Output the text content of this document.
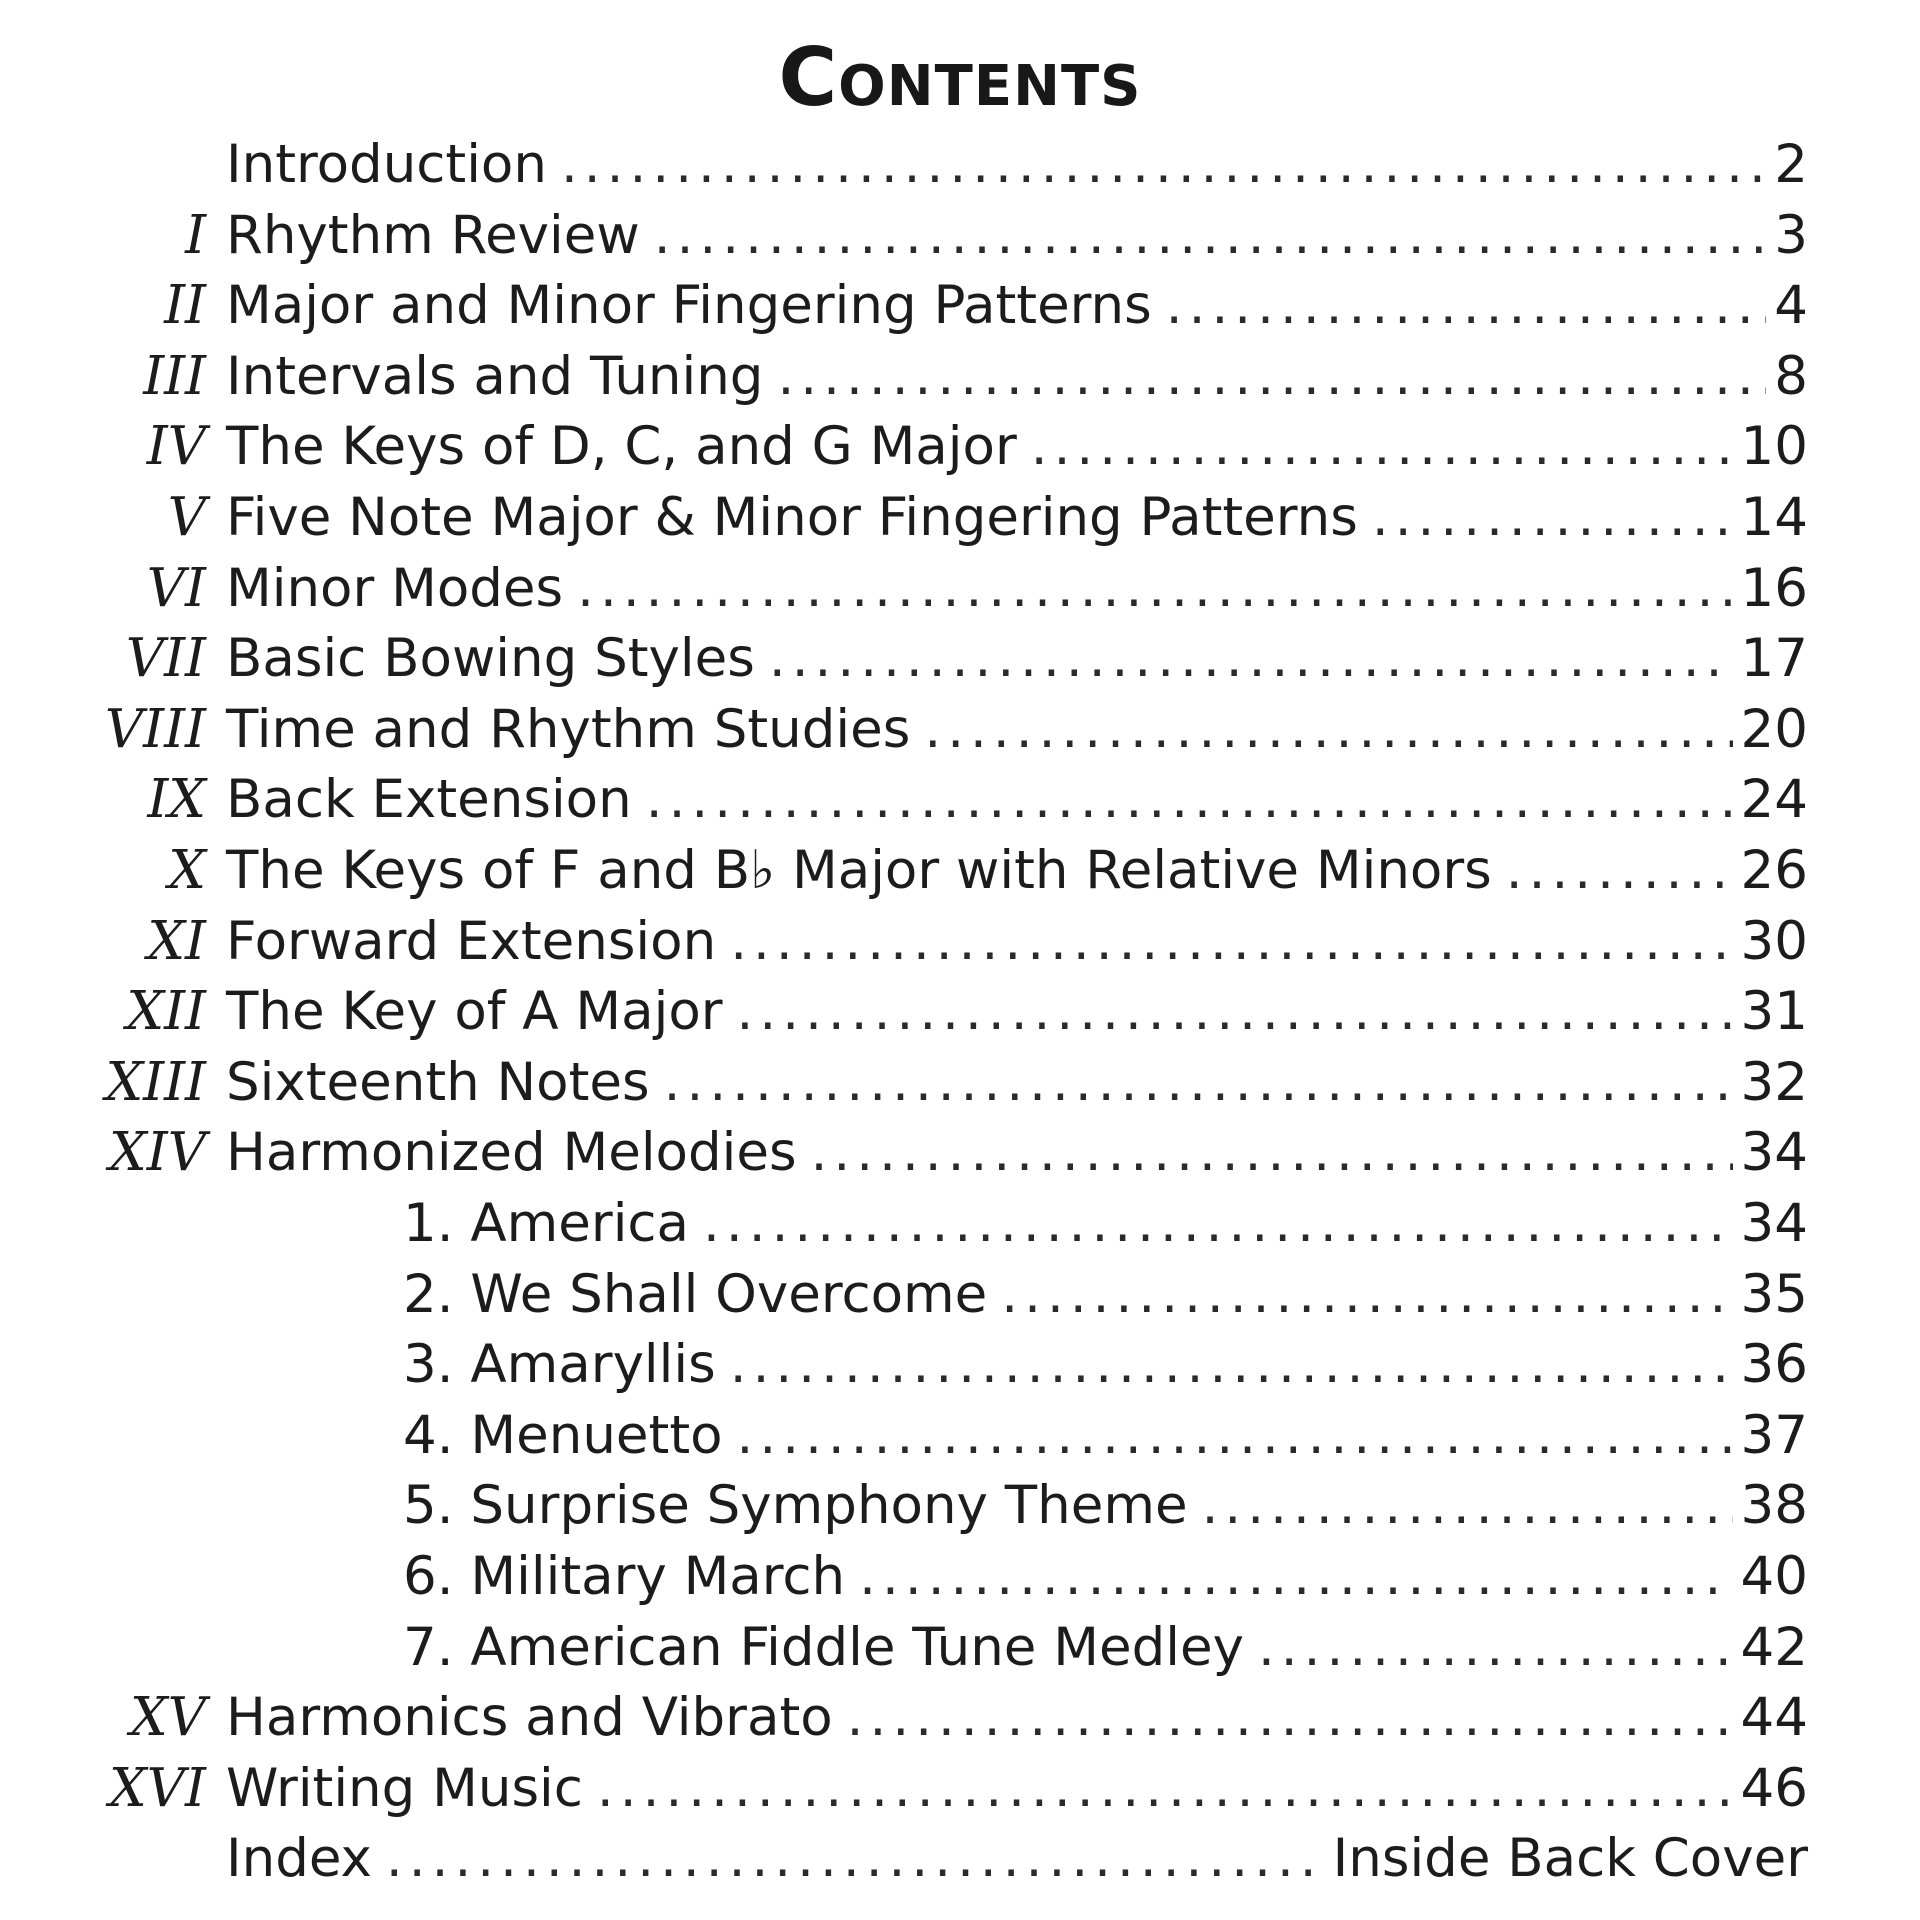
Contents
Introduction .....	2
I Rhythm Review .....	3
II Major and Minor Fingering Patterns .....	4
III Intervals and Tuning .....	8
IV The Keys of D, C, and G Major .....	10
V Five Note Major & Minor Fingering Patterns .....	14
VI Minor Modes .....	16
VII Basic Bowing Styles .....	17
VIII Time and Rhythm Studies .....	20
IX Back Extension .....	24
X The Keys of F and B♭ Major with Relative Minors .....	26
XI Forward Extension .....	30
XII The Key of A Major .....	31
XIII Sixteenth Notes .....	32
XIV Harmonized Melodies .....	34
1. America .....	34
2. We Shall Overcome .....	35
3. Amaryllis .....	36
4. Menuetto .....	37
5. Surprise Symphony Theme .....	38
6. Military March .....	40
7. American Fiddle Tune Medley .....	42
XV Harmonics and Vibrato .....	44
XVI Writing Music .....	46
Index .....	Inside Back Cover
